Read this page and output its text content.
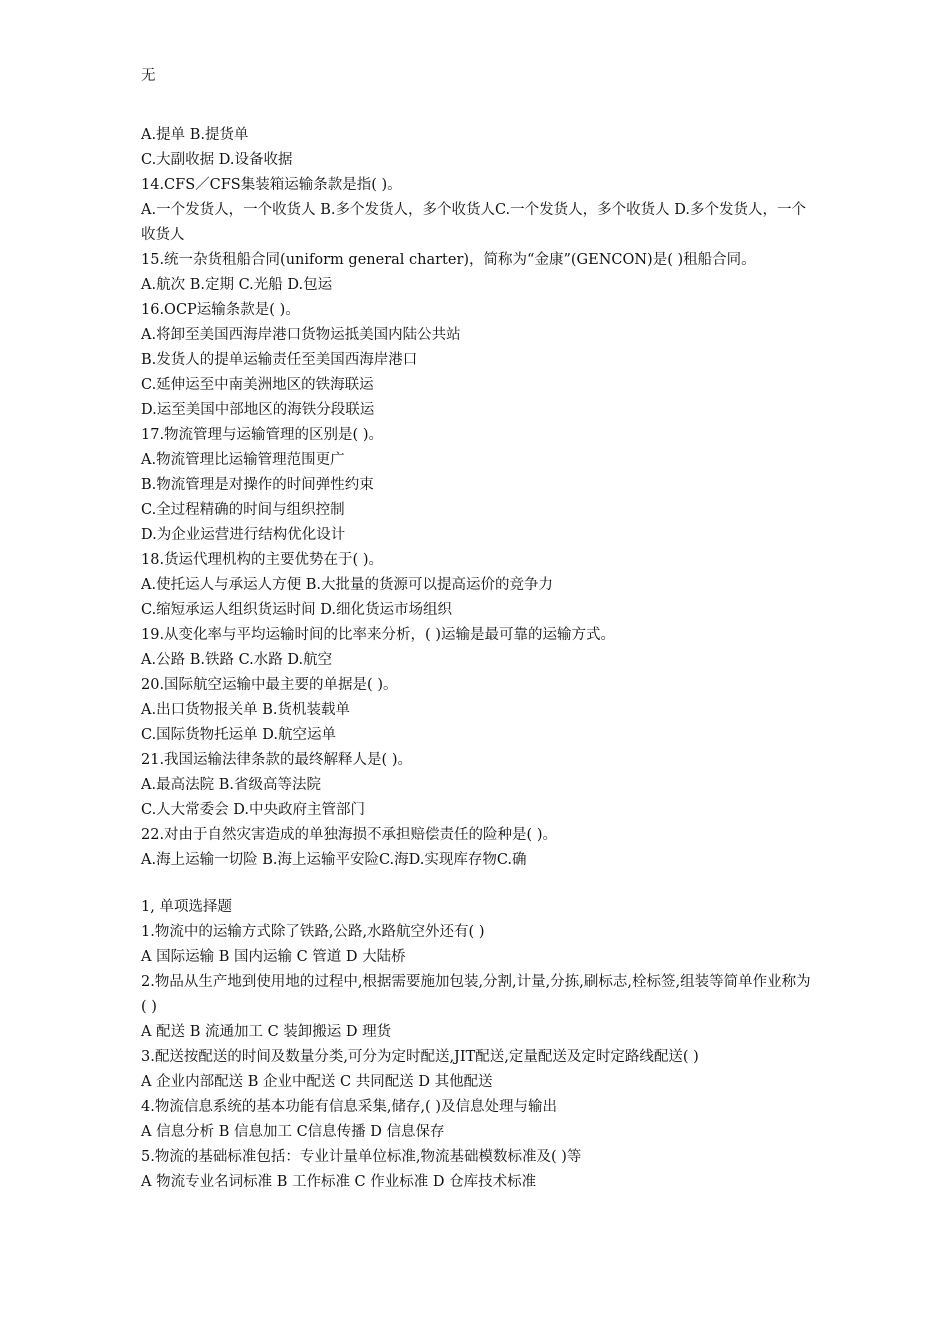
无

A.提单 B.提货单

C.大副收据 D.设备收据

14.CFS／CFS集装箱运输条款是指( )。

A.一个发货人，一个收货人 B.多个发货人，多个收货人C.一个发货人，多个收货人 D.多个发货人，一个收货人

15.统一杂货租船合同(uniform general charter)，简称为“金康”(GENCON)是( )租船合同。

A.航次 B.定期 C.光船 D.包运

16.OCP运输条款是( )。

A.将卸至美国西海岸港口货物运抵美国内陆公共站

B.发货人的提单运输责任至美国西海岸港口

C.延伸运至中南美洲地区的铁海联运

D.运至美国中部地区的海铁分段联运

17.物流管理与运输管理的区别是( )。

A.物流管理比运输管理范围更广

B.物流管理是对操作的时间弹性约束

C.全过程精确的时间与组织控制

D.为企业运营进行结构优化设计

18.货运代理机构的主要优势在于( )。

A.使托运人与承运人方便 B.大批量的货源可以提高运价的竞争力

C.缩短承运人组织货运时间 D.细化货运市场组织

19.从变化率与平均运输时间的比率来分析，( )运输是最可靠的运输方式。

A.公路 B.铁路 C.水路 D.航空

20.国际航空运输中最主要的单据是( )。

A.出口货物报关单 B.货机装载单

C.国际货物托运单 D.航空运单

21.我国运输法律条款的最终解释人是( )。

A.最高法院 B.省级高等法院

C.人大常委会 D.中央政府主管部门

22.对由于自然灾害造成的单独海损不承担赔偿责任的险种是( )。

A.海上运输一切险 B.海上运输平安险C.海D.实现库存物C.确

1, 单项选择题

1.物流中的运输方式除了铁路,公路,水路航空外还有( )

A 国际运输 B 国内运输 C 管道 D 大陆桥

2.物品从生产地到使用地的过程中,根据需要施加包装,分割,计量,分拣,刷标志,栓标签,组装等简单作业称为( )

A 配送 B 流通加工 C 装卸搬运 D 理货

3.配送按配送的时间及数量分类,可分为定时配送,JIT配送,定量配送及定时定路线配送( )

A 企业内部配送 B 企业中配送 C 共同配送 D 其他配送

4.物流信息系统的基本功能有信息采集,储存,( )及信息处理与输出

A 信息分析 B 信息加工 C信息传播 D 信息保存

5.物流的基础标准包括：专业计量单位标准,物流基础模数标准及( )等

A 物流专业名词标准 B 工作标准 C 作业标准 D 仓库技术标准
